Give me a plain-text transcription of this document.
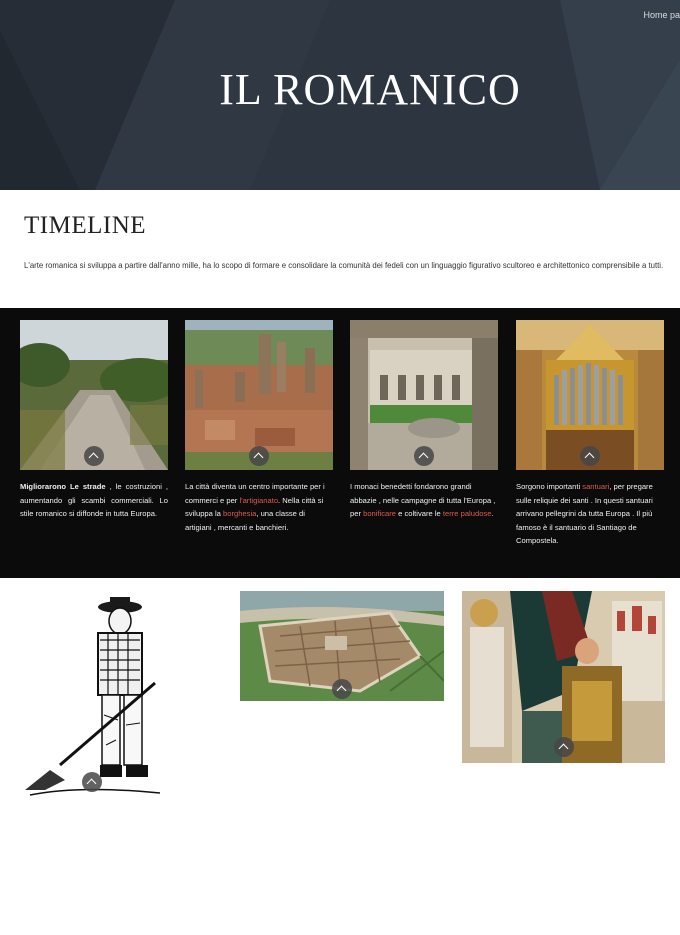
Home pa
IL ROMANICO
TIMELINE

L'arte romanica si sviluppa a partire dall'anno mille, ha lo scopo di formare e consolidare la comunità dei fedeli con un linguaggio figurativo scultoreo e architettonico comprensibile a tutti.

Migliorarono Le strade , le costruzioni , aumentando gli scambi commerciali. Lo stile romanico si diffonde in tutta Europa.
La città diventa un centro importante per i commerci e per l'artigianato. Nella città si sviluppa la borghesia, una classe di artigiani , mercanti e banchieri.
I monaci benedetti fondarono grandi abbazie , nelle campagne di tutta l'Europa , per bonificare e coltivare le terre paludose.
Sorgono importanti santuari, per pregare sulle reliquie dei santi . In questi santuari arrivano pellegrini da tutta Europa . Il più famoso è il santuario di Santiago de Compostela.
